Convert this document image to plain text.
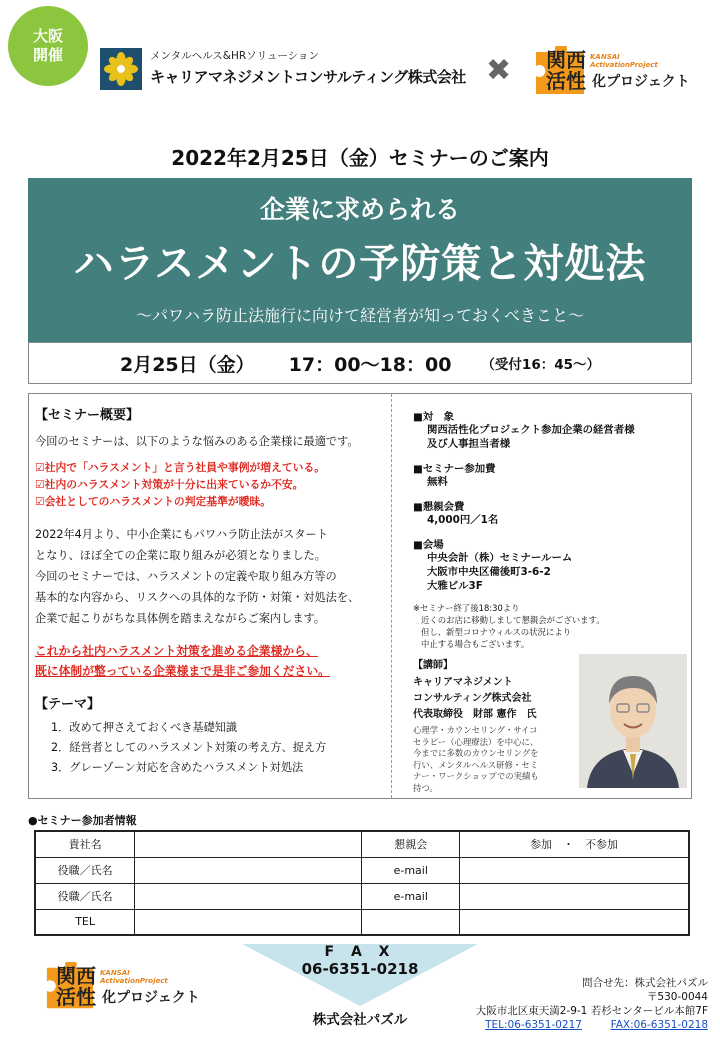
大阪
開催	メンタルヘルス&HRソリューション
キャリアマネジメントコンサルティング株式会社 ✖ 関西
活性
KANSAI
ActivationProject
化プロジェクト
2022年2月25日（金）セミナーのご案内
企業に求められる
ハラスメントの予防策と対処法
～パワハラ防止法施行に向けて経営者が知っておくべきこと～
2月25日（金） 17：00～18：00 （受付16：45～）
【セミナー概要】
今回のセミナーは、以下のような悩みのある企業様に最適です。
☑社内で「ハラスメント」と言う社員や事例が増えている。
☑社内のハラスメント対策が十分に出来ているか不安。
☑会社としてのハラスメントの判定基準が曖昧。
2022年4月より、中小企業にもパワハラ防止法がスタート
となり、ほぼ全ての企業に取り組みが必須となりました。
今回のセミナーでは、ハラスメントの定義や取り組み方等の
基本的な内容から、リスクへの具体的な予防・対策・対処法を、
企業で起こりがちな具体例を踏まえながらご案内します。
これから社内ハラスメント対策を進める企業様から、
既に体制が整っている企業様まで是非ご参加ください。
【テーマ】
1．改めて押さえておくべき基礎知識
2．経営者としてのハラスメント対策の考え方、捉え方
3．グレーゾーン対応を含めたハラスメント対処法
■対　象
関西活性化プロジェクト参加企業の経営者様
及び人事担当者様
■セミナー参加費
無料
■懇親会費
4,000円／1名
■会場
中央会計（株）セミナールーム
大阪市中央区備後町3-6-2
大雅ビル3F
※セミナー終了後18:30より
近くのお店に移動しまして懇親会がございます。
但し、新型コロナウィルスの状況により
中止する場合もございます。
【講師】
キャリアマネジメント
コンサルティング株式会社
代表取締役　財部 憲作　氏
心理学・カウンセリング・サイコ
セラピー（心理療法）を中心に、
今までに多数のカウンセリングを
行い、メンタルヘルス研修・セミ
ナー・ワークショップでの実績も
持つ。
●セミナー参加者情報
貴社名		懇親会	参加　・　不参加
役職／氏名		e-mail	
役職／氏名		e-mail	
TEL			
F A X
06-6351-0218
株式会社パズル
関西
活性
KANSAI
ActivationProject
化プロジェクト
問合せ先：株式会社パズル
〒530-0044
大阪市北区東天満2-9-1 若杉センタービル本館7F
TEL:06-6351-0217	FAX:06-6351-0218
